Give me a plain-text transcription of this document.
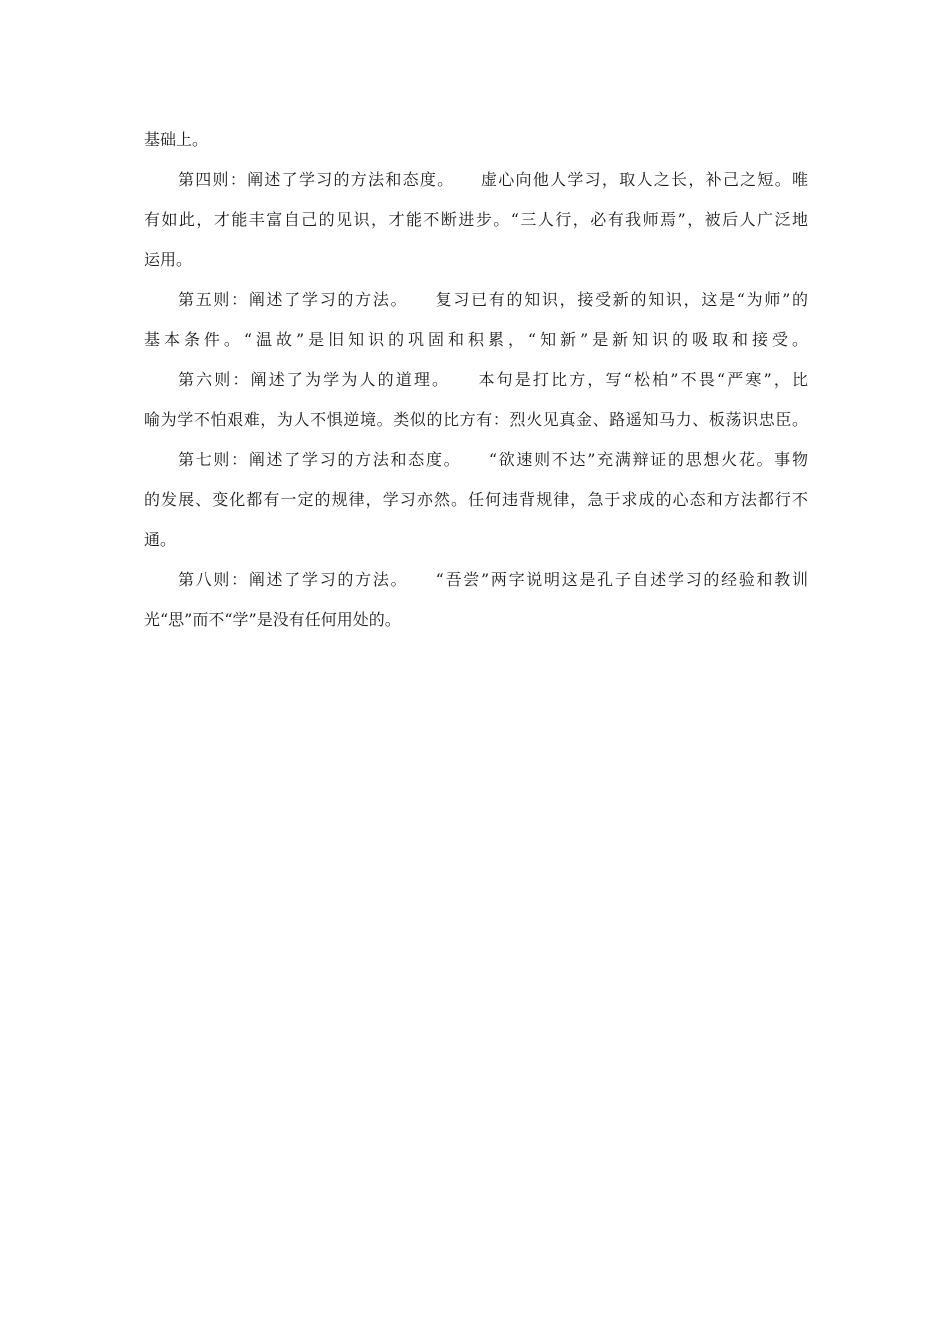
基础上。
第四则：阐述了学习的方法和态度。　　虚心向他人学习，取人之长，补己之短。唯
有如此，才能丰富自己的见识，才能不断进步。“三人行，必有我师焉”，被后人广泛地
运用。
第五则：阐述了学习的方法。　　复习已有的知识，接受新的知识，这是“为师”的
基本条件。“温故”是旧知识的巩固和积累，“知新”是新知识的吸取和接受。
第六则：阐述了为学为人的道理。　　本句是打比方，写“松柏”不畏“严寒”，比
喻为学不怕艰难，为人不惧逆境。类似的比方有：烈火见真金、路遥知马力、板荡识忠臣。
第七则：阐述了学习的方法和态度。　　“欲速则不达”充满辩证的思想火花。事物
的发展、变化都有一定的规律，学习亦然。任何违背规律，急于求成的心态和方法都行不
通。
第八则：阐述了学习的方法。　　“吾尝”两字说明这是孔子自述学习的经验和教训
光“思”而不“学”是没有任何用处的。
